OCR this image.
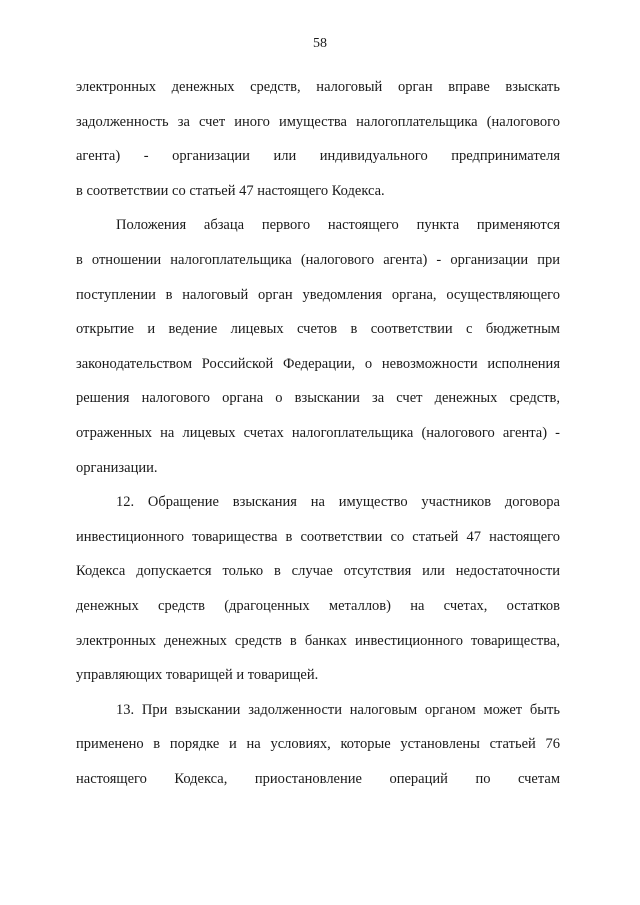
58
электронных денежных средств, налоговый орган вправе взыскать
задолженность за счет иного имущества налогоплательщика (налогового
агента) - организации или индивидуального предпринимателя
в соответствии со статьей 47 настоящего Кодекса.
Положения абзаца первого настоящего пункта применяются
в отношении налогоплательщика (налогового агента) - организации при
поступлении в налоговый орган уведомления органа, осуществляющего
открытие и ведение лицевых счетов в соответствии с бюджетным
законодательством Российской Федерации, о невозможности исполнения
решения налогового органа о взыскании за счет денежных средств,
отраженных на лицевых счетах налогоплательщика (налогового агента) -
организации.
12. Обращение взыскания на имущество участников договора
инвестиционного товарищества в соответствии со статьей 47 настоящего
Кодекса допускается только в случае отсутствия или недостаточности
денежных средств (драгоценных металлов) на счетах, остатков
электронных денежных средств в банках инвестиционного товарищества,
управляющих товарищей и товарищей.
13. При взыскании задолженности налоговым органом может быть
применено в порядке и на условиях, которые установлены статьей 76
настоящего Кодекса, приостановление операций по счетам
